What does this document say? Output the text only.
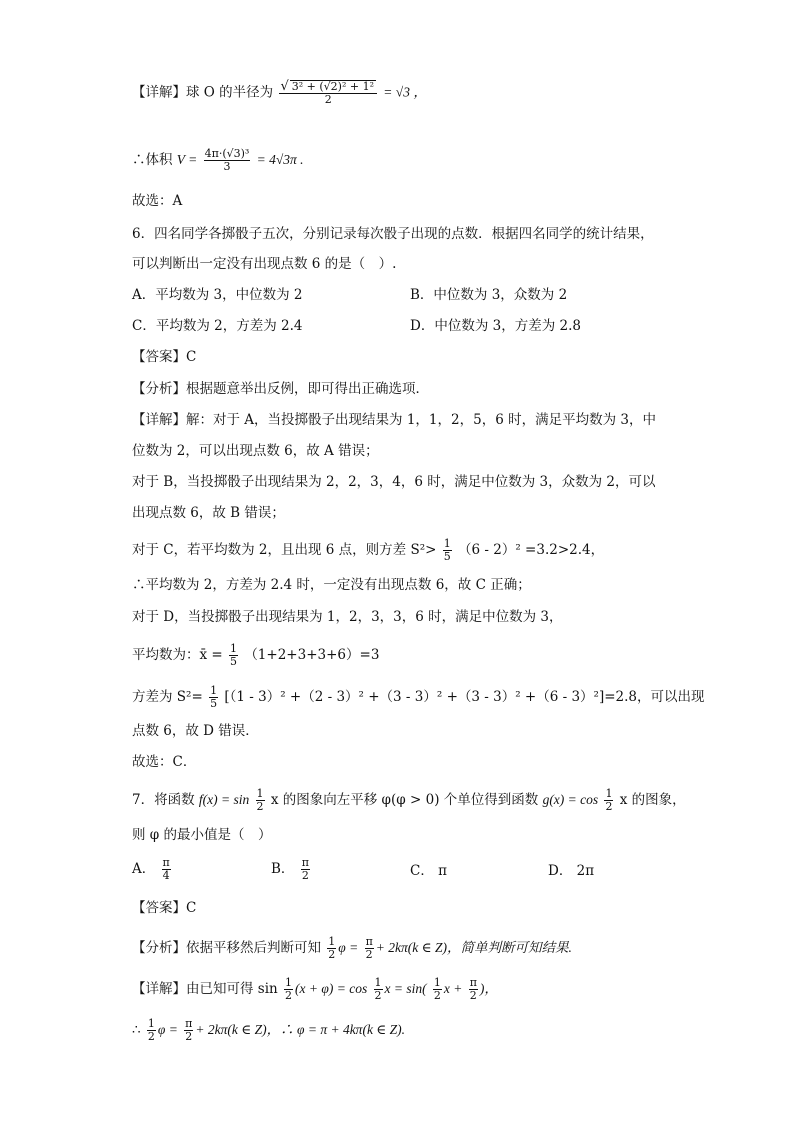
【详解】球 O 的半径为 $\frac{\text{√ 3² + (√2)² + 1²}}{2} = √3$ ，
∴体积 $V = \frac{\text{4π·(√3)³}}{3} = 4√3\pi$ .
故选：A
6．四名同学各掷骰子五次，分别记录每次骰子出现的点数．根据四名同学的统计结果，
可以判断出一定没有出现点数 6 的是（　）.
A．平均数为 3，中位数为 2	B．中位数为 3，众数为 2
C．平均数为 2，方差为 2.4	D．中位数为 3，方差为 2.8
【答案】C
【分析】根据题意举出反例，即可得出正确选项．
【详解】解：对于 A，当投掷骰子出现结果为 1，1，2，5，6 时，满足平均数为 3，中
位数为 2，可以出现点数 6，故 A 错误；
对于 B，当投掷骰子出现结果为 2，2，3，4，6 时，满足中位数为 3，众数为 2，可以
出现点数 6，故 B 错误；
对于 C，若平均数为 2，且出现 6 点，则方差 $S^2> \frac{1}{5} (6 - 2)^2 =3.2>2.4$，
∴平均数为 2，方差为 2.4 时，一定没有出现点数 6，故 C 正确；
对于 D，当投掷骰子出现结果为 1，2，3，3，6 时，满足中位数为 3，
平均数为：x̄ = $\frac{1}{5} (1+2+3+3+6)=3$
方差为 $S^2= \frac{1}{5} [(1 - 3)^2 +(2 - 3)^2 +(3 - 3)^2 +(3 - 3)^2 +(6 - 3)^2]=2.8$，可以出现
点数 6，故 D 错误．
故选：C．
7．将函数 $f(x) = \sin \frac{1}{2}$ x 的图象向左平移 φ(φ > 0) 个单位得到函数 $g(x) = \cos \frac{1}{2}$ x 的图象，
则 φ 的最小值是（　）
A． $\frac{\pi}{4}$	B． $\frac{\pi}{2}$	C． π	D． 2π
【答案】C
【分析】依据平移然后判断可知 $\frac{1}{2}$ $\varphi = \frac{\pi}{2} + 2k\pi(k$ ∈ Z)，简单判断可知结果.
【详解】由已知可得 $\sin \frac{1}{2} (x + \varphi) = \cos \frac{1}{2}$ $x = \sin( \frac{1}{2}$ $x + \frac{\pi}{2}$ )，
∴ $\frac{1}{2}$ $\varphi = \frac{\pi}{2} + 2k\pi(k$ ∈ Z)，∴ φ = π + 4kπ(k ∈ Z).
